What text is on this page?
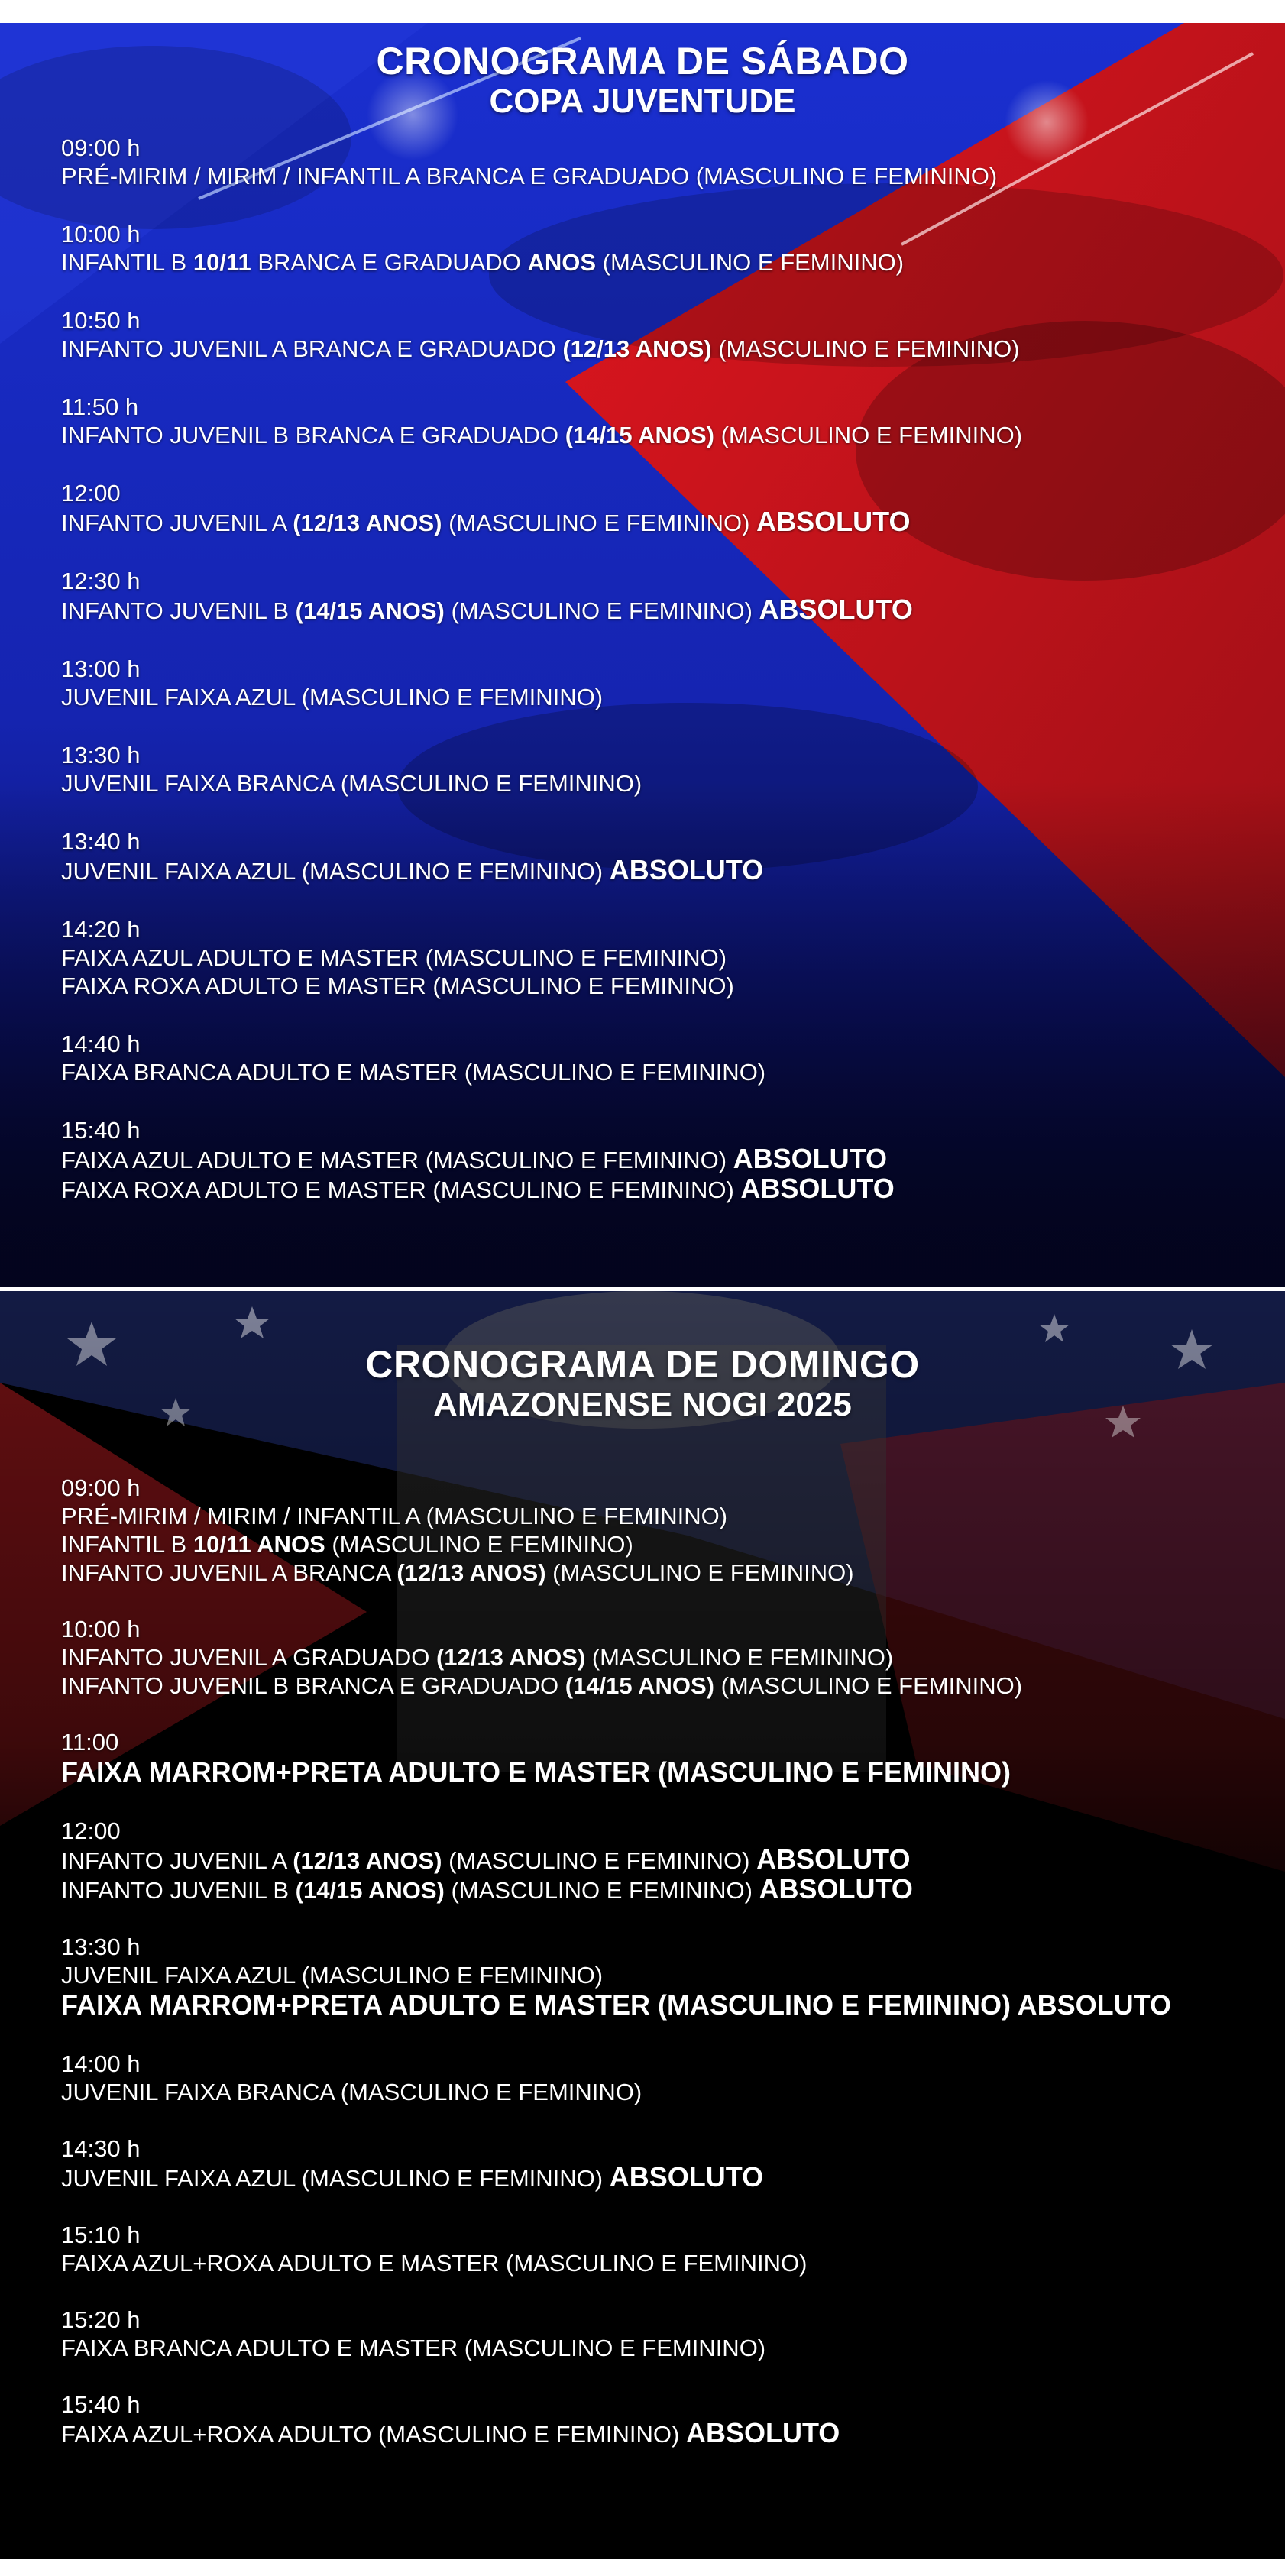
CRONOGRAMA DE SÁBADO
COPA JUVENTUDE
09:00 h
PRÉ-MIRIM / MIRIM / INFANTIL A BRANCA E GRADUADO (MASCULINO E FEMININO)
10:00 h
INFANTIL B 10/11 BRANCA E GRADUADO ANOS (MASCULINO E FEMININO)
10:50 h
INFANTO JUVENIL A BRANCA E GRADUADO (12/13 ANOS) (MASCULINO E FEMININO)
11:50 h
INFANTO JUVENIL B BRANCA E GRADUADO (14/15 ANOS) (MASCULINO E FEMININO)
12:00
INFANTO JUVENIL A (12/13 ANOS) (MASCULINO E FEMININO) ABSOLUTO
12:30 h
INFANTO JUVENIL B (14/15 ANOS) (MASCULINO E FEMININO) ABSOLUTO
13:00 h
JUVENIL FAIXA AZUL (MASCULINO E FEMININO)
13:30 h
JUVENIL FAIXA BRANCA (MASCULINO E FEMININO)
13:40 h
JUVENIL FAIXA AZUL (MASCULINO E FEMININO) ABSOLUTO
14:20 h
FAIXA AZUL ADULTO E MASTER (MASCULINO E FEMININO)
FAIXA ROXA ADULTO E MASTER (MASCULINO E FEMININO)
14:40 h
FAIXA BRANCA ADULTO E MASTER (MASCULINO E FEMININO)
15:40 h
FAIXA AZUL ADULTO E MASTER (MASCULINO E FEMININO) ABSOLUTO
FAIXA ROXA ADULTO E MASTER (MASCULINO E FEMININO) ABSOLUTO
CRONOGRAMA DE DOMINGO
AMAZONENSE NOGI 2025
09:00 h
PRÉ-MIRIM / MIRIM / INFANTIL A (MASCULINO E FEMININO)
INFANTIL B 10/11 ANOS (MASCULINO E FEMININO)
INFANTO JUVENIL A BRANCA (12/13 ANOS) (MASCULINO E FEMININO)
10:00 h
INFANTO JUVENIL A GRADUADO (12/13 ANOS) (MASCULINO E FEMININO)
INFANTO JUVENIL B BRANCA E GRADUADO (14/15 ANOS) (MASCULINO E FEMININO)
11:00
FAIXA MARROM+PRETA ADULTO E MASTER (MASCULINO E FEMININO)
12:00
INFANTO JUVENIL A (12/13 ANOS) (MASCULINO E FEMININO) ABSOLUTO
INFANTO JUVENIL B (14/15 ANOS) (MASCULINO E FEMININO) ABSOLUTO
13:30 h
JUVENIL FAIXA AZUL (MASCULINO E FEMININO)
FAIXA MARROM+PRETA ADULTO E MASTER (MASCULINO E FEMININO) ABSOLUTO
14:00 h
JUVENIL FAIXA BRANCA (MASCULINO E FEMININO)
14:30 h
JUVENIL FAIXA AZUL (MASCULINO E FEMININO) ABSOLUTO
15:10 h
FAIXA AZUL+ROXA ADULTO E MASTER (MASCULINO E FEMININO)
15:20 h
FAIXA BRANCA ADULTO E MASTER (MASCULINO E FEMININO)
15:40 h
FAIXA AZUL+ROXA ADULTO (MASCULINO E FEMININO) ABSOLUTO
